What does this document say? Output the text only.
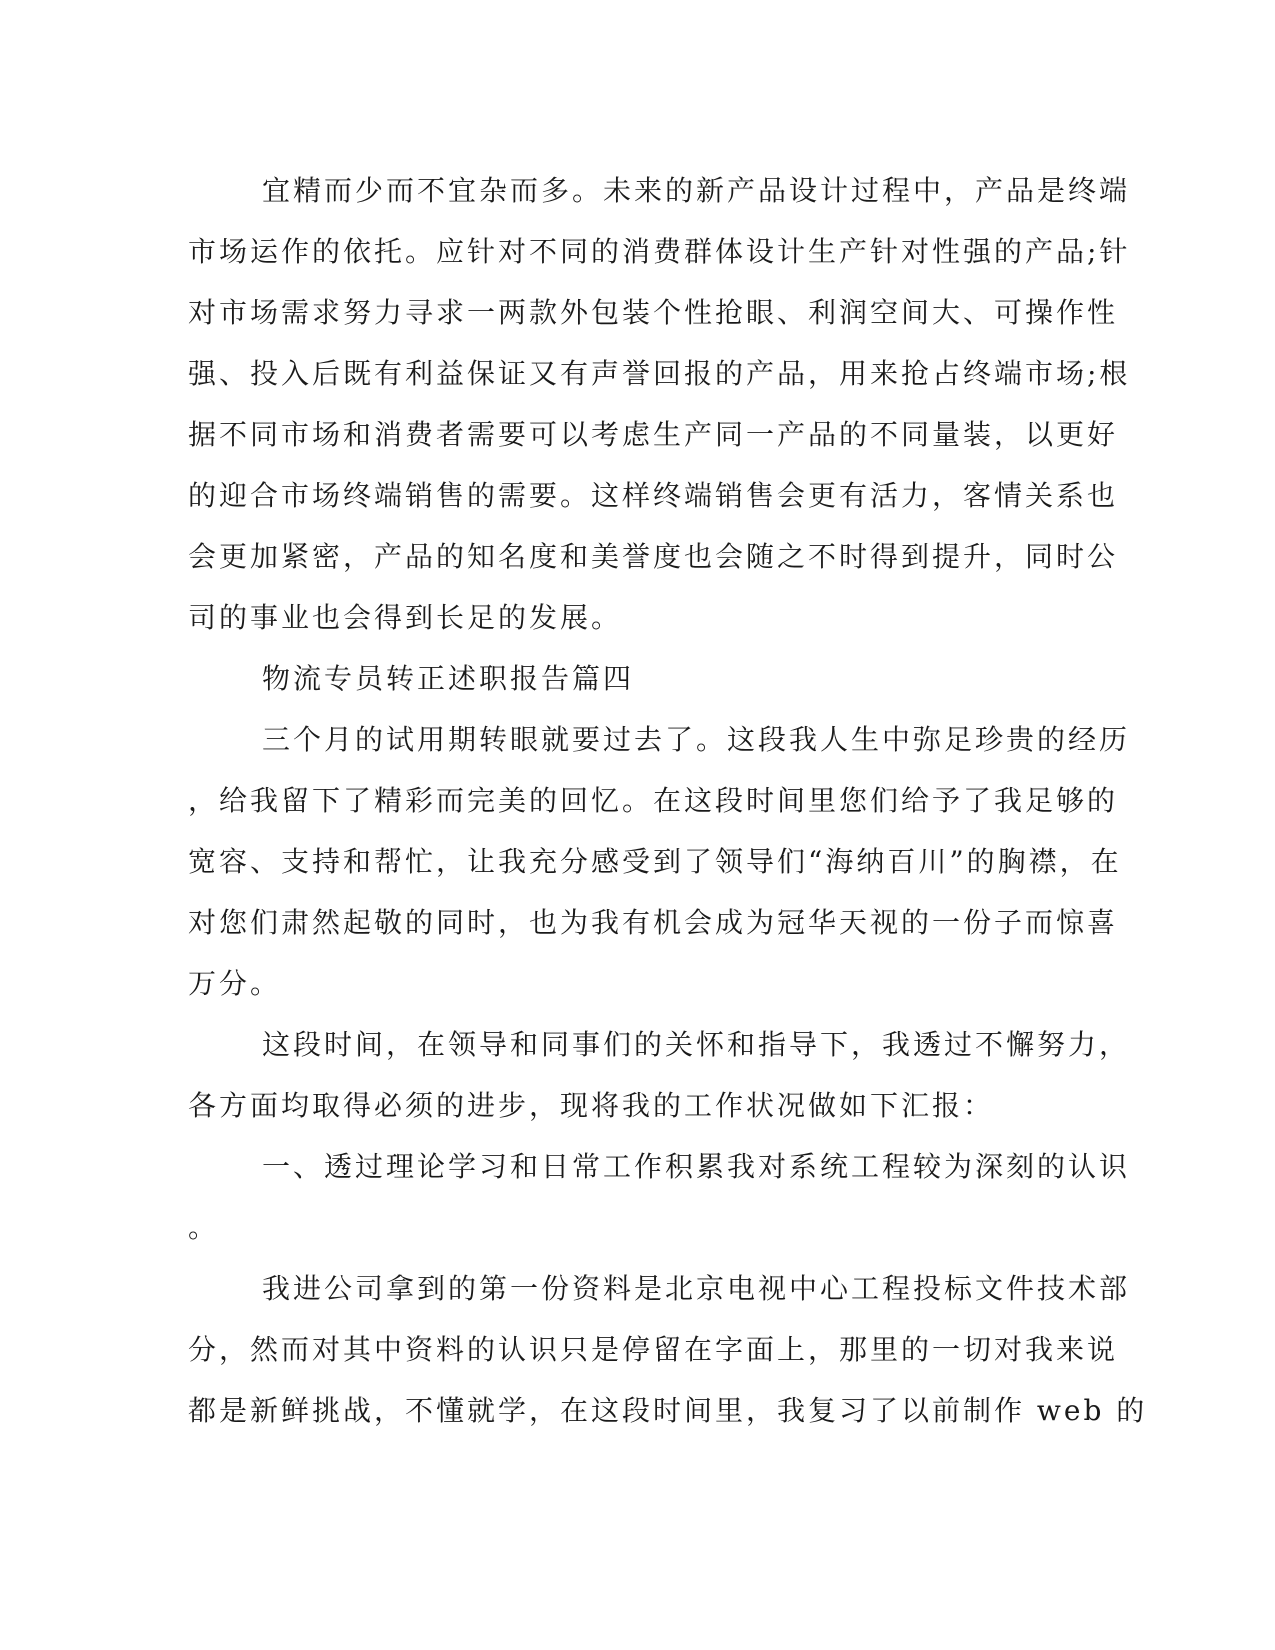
宜精而少而不宜杂而多。未来的新产品设计过程中，产品是终端
市场运作的依托。应针对不同的消费群体设计生产针对性强的产品;针
对市场需求努力寻求一两款外包装个性抢眼、利润空间大、可操作性
强、投入后既有利益保证又有声誉回报的产品，用来抢占终端市场;根
据不同市场和消费者需要可以考虑生产同一产品的不同量装，以更好
的迎合市场终端销售的需要。这样终端销售会更有活力，客情关系也
会更加紧密，产品的知名度和美誉度也会随之不时得到提升，同时公
司的事业也会得到长足的发展。
物流专员转正述职报告篇四
三个月的试用期转眼就要过去了。这段我人生中弥足珍贵的经历
，给我留下了精彩而完美的回忆。在这段时间里您们给予了我足够的
宽容、支持和帮忙，让我充分感受到了领导们“海纳百川”的胸襟，在
对您们肃然起敬的同时，也为我有机会成为冠华天视的一份子而惊喜
万分。
这段时间，在领导和同事们的关怀和指导下，我透过不懈努力，
各方面均取得必须的进步，现将我的工作状况做如下汇报：
一、透过理论学习和日常工作积累我对系统工程较为深刻的认识
。
我进公司拿到的第一份资料是北京电视中心工程投标文件技术部
分，然而对其中资料的认识只是停留在字面上，那里的一切对我来说
都是新鲜挑战，不懂就学，在这段时间里，我复习了以前制作 web 的
